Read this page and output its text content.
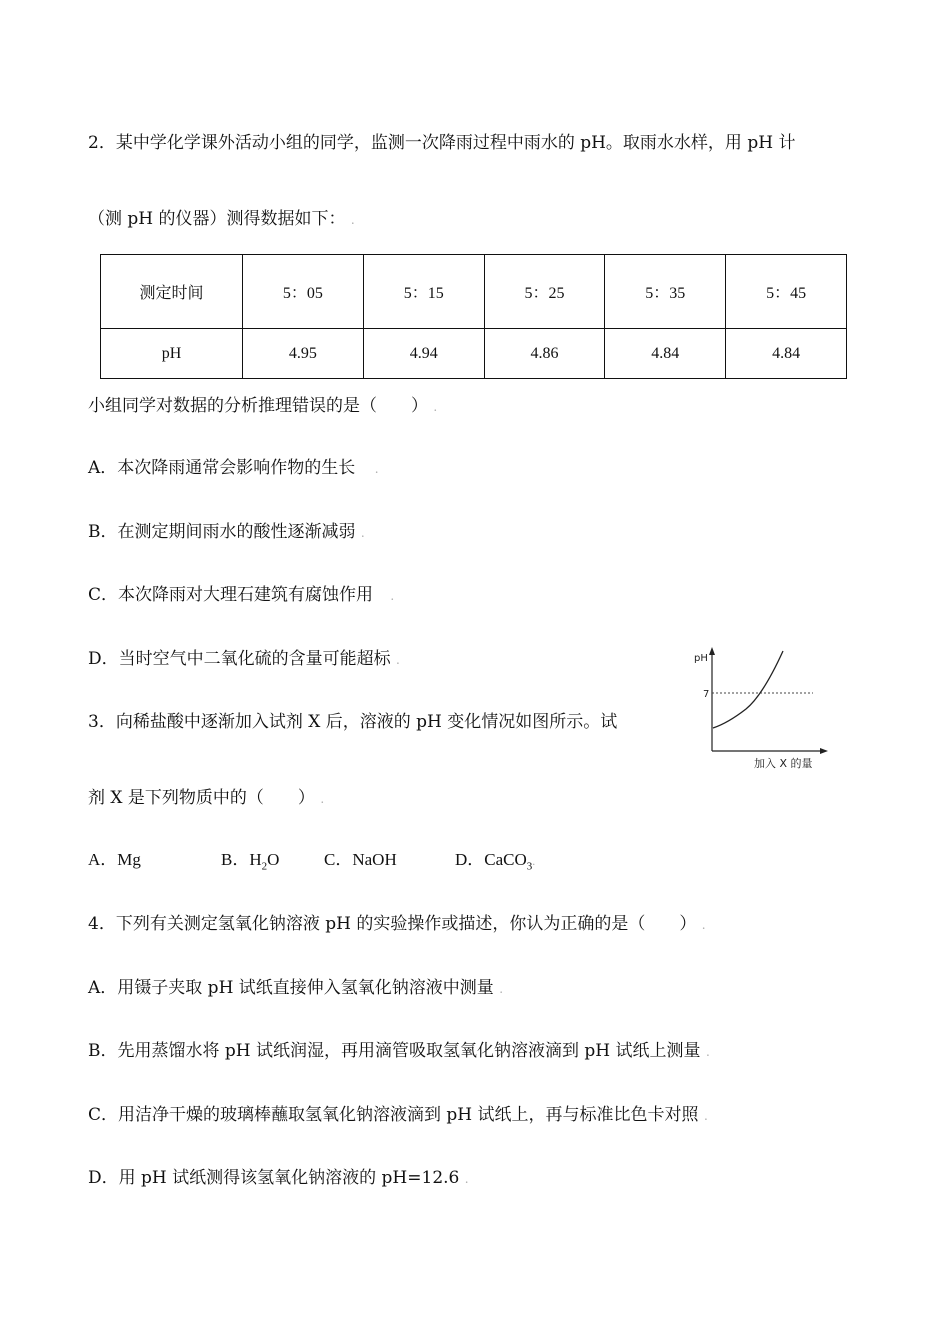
2．某中学化学课外活动小组的同学，监测一次降雨过程中雨水的 pH。取雨水水样，用 pH 计
（测 pH 的仪器）测得数据如下： .
测定时间	5：05	5：15	5：25	5：35	5：45
pH	4.95	4.94	4.86	4.84	4.84
小组同学对数据的分析推理错误的是（　　） .
A．本次降雨通常会影响作物的生长 .
B．在测定期间雨水的酸性逐渐减弱 .
C．本次降雨对大理石建筑有腐蚀作用 .
D．当时空气中二氧化硫的含量可能超标 .
3．向稀盐酸中逐渐加入试剂 X 后，溶液的 pH 变化情况如图所示。试
剂 X 是下列物质中的（　　） .
A．Mg	B．$H_2O$	C．NaOH	D．CaCO$_3$.
pH
7
加入 X 的量
4．下列有关测定氢氧化钠溶液 pH 的实验操作或描述，你认为正确的是（　　） .
A．用镊子夹取 pH 试纸直接伸入氢氧化钠溶液中测量 .
B．先用蒸馏水将 pH 试纸润湿，再用滴管吸取氢氧化钠溶液滴到 pH 试纸上测量 .
C．用洁净干燥的玻璃棒蘸取氢氧化钠溶液滴到 pH 试纸上，再与标准比色卡对照 .
D．用 pH 试纸测得该氢氧化钠溶液的 pH=12.6 .
